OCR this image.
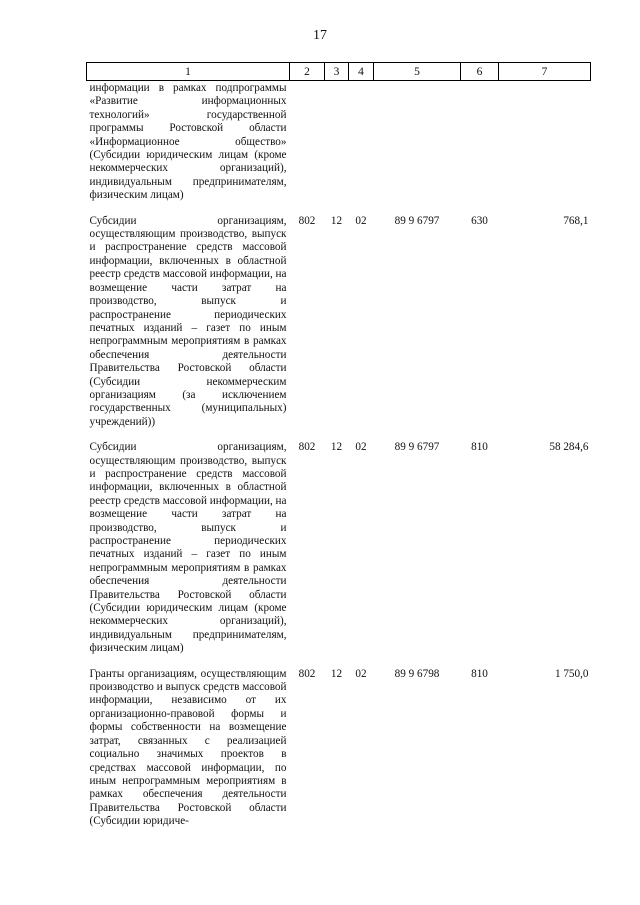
17
1	2	3	4	5	6	7
информации в рамках подпрограммы «Развитие информационных технологий» государственной программы Ростовской области «Информационное общество» (Субсидии юридическим лицам (кроме некоммерческих организаций), индивидуальным предпринимателям, физическим лицам)						
Субсидии организациям, осуществляющим производство, выпуск и распространение средств массовой информации, включенных в областной реестр средств массовой информации, на возмещение части затрат на производство, выпуск и распространение периодических печатных изданий – газет по иным непрограммным мероприятиям в рамках обеспечения деятельности Правительства Ростовской области (Субсидии некоммерческим организациям (за исключением государственных (муниципальных) учреждений))	802	12	02	89 9 6797	630	768,1
Субсидии организациям, осуществляющим производство, выпуск и распространение средств массовой информации, включенных в областной реестр средств массовой информации, на возмещение части затрат на производство, выпуск и распространение периодических печатных изданий – газет по иным непрограммным мероприятиям в рамках обеспечения деятельности Правительства Ростовской области (Субсидии юридическим лицам (кроме некоммерческих организаций), индивидуальным предпринимателям, физическим лицам)	802	12	02	89 9 6797	810	58 284,6
Гранты организациям, осуществляющим производство и выпуск средств массовой информации, независимо от их организационно-правовой формы и формы собственности на возмещение затрат, связанных с реализацией социально значимых проектов в средствах массовой информации, по иным непрограммным мероприятиям в рамках обеспечения деятельности Правительства Ростовской области (Субсидии юридиче-	802	12	02	89 9 6798	810	1 750,0
